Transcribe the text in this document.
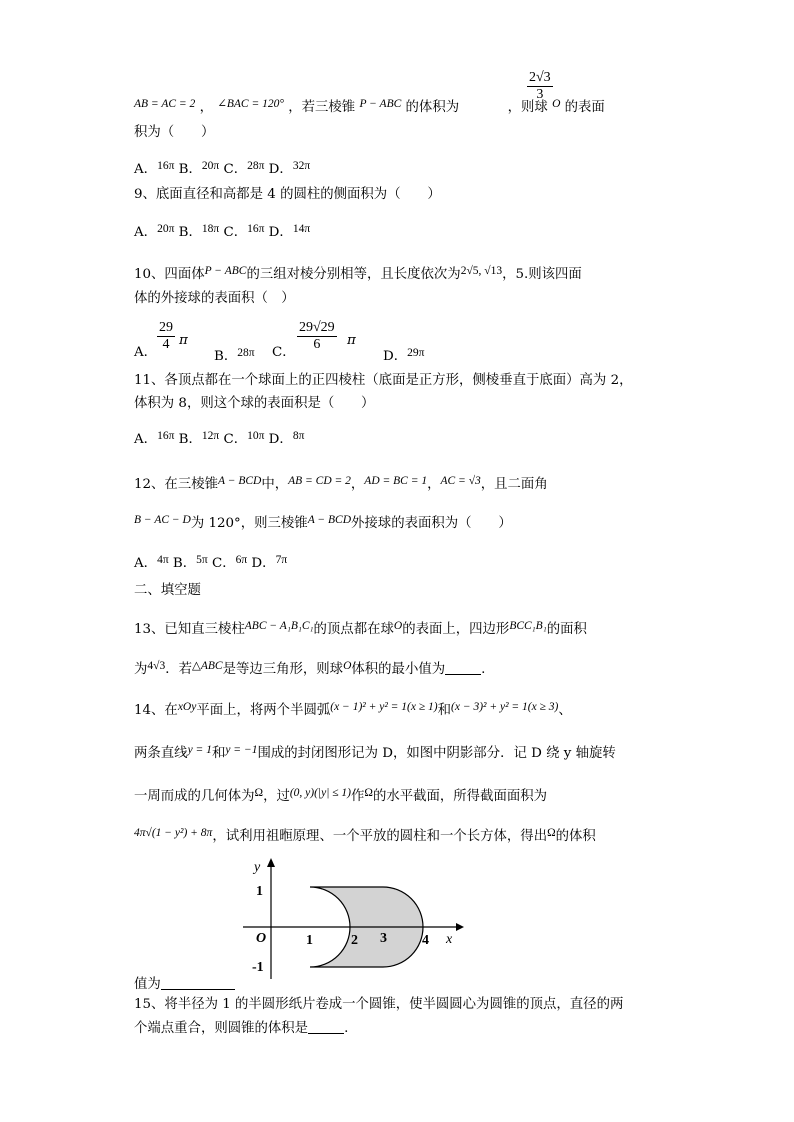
$\frac{2√3}{3}$
AB = AC = 2 ， ∠BAC = 120° ，若三棱锥 P − ABC 的体积为	，则球 O 的表面
积为（　　）
A．16π B．20π C．28π D．32π
9、底面直径和高都是 4 的圆柱的侧面积为（　　）
A．20π B．18π C．16π D．14π
10、四面体P − ABC的三组对棱分别相等，且长度依次为2√5, √13，5.则该四面
体的外接球的表面积（　）
A． $\frac{29}{4}$ π
B．28π C． $\frac{29√29}{6}$ π
D．29π
11、各顶点都在一个球面上的正四棱柱（底面是正方形，侧棱垂直于底面）高为 2，
体积为 8，则这个球的表面积是（　　）
A．16π B．12π C．10π D．8π
12、在三棱锥A − BCD中，AB = CD = 2，AD = BC = 1，AC = √3，且二面角
B − AC − D为 120°，则三棱锥A − BCD外接球的表面积为（　　）
A．4π B．5π C．6π D．7π
二、填空题
13、已知直三棱柱ABC − A₁B₁C₁的顶点都在球O的表面上，四边形BCC₁B₁的面积
为4√3．若△ABC是等边三角形，则球O体积的最小值为	.
14、在xOy平面上，将两个半圆弧(x − 1)² + y² = 1(x ≥ 1)和(x − 3)² + y² = 1(x ≥ 3)、
两条直线y = 1和y = −1围成的封闭图形记为 D，如图中阴影部分．记 D 绕 y 轴旋转
一周而成的几何体为Ω，过(0, y)(|y| ≤ 1)作Ω的水平截面，所得截面面积为
4π√(1 − y²) + 8π，试利用祖暅原理、一个平放的圆柱和一个长方体，得出Ω的体积
y
1
O
-1
1	2 3	4 x
值为
15、将半径为 1 的半圆形纸片卷成一个圆锥，使半圆圆心为圆锥的顶点，直径的两
个端点重合，则圆锥的体积是	.
